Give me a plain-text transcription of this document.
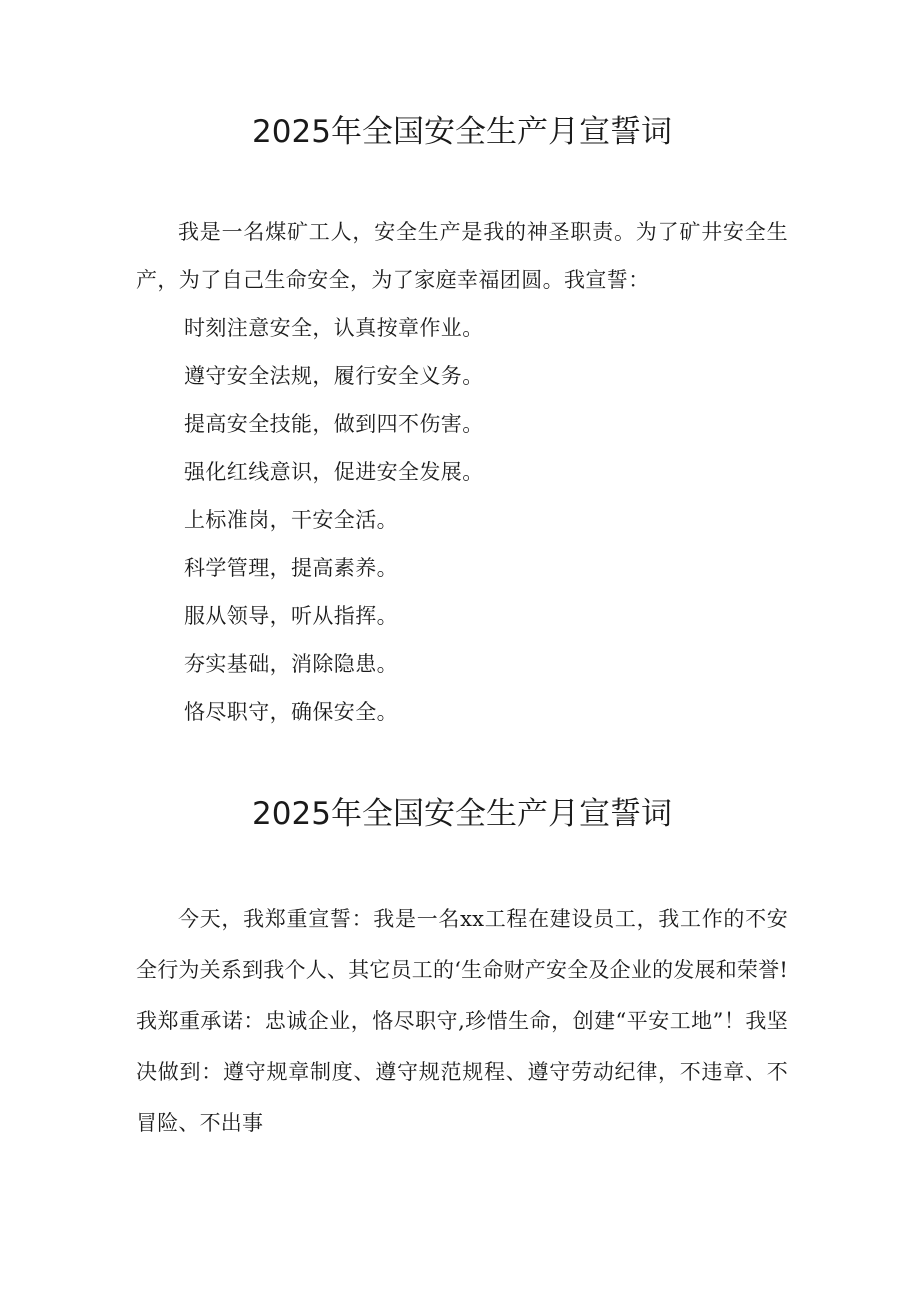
2025年全国安全生产月宣誓词

我是一名煤矿工人，安全生产是我的神圣职责。为了矿井安全生产，为了自己生命安全，为了家庭幸福团圆。我宣誓：

时刻注意安全，认真按章作业。

遵守安全法规，履行安全义务。

提高安全技能，做到四不伤害。

强化红线意识，促进安全发展。

上标准岗，干安全活。

科学管理，提高素养。

服从领导，听从指挥。

夯实基础，消除隐患。

恪尽职守，确保安全。

2025年全国安全生产月宣誓词

今天，我郑重宣誓：我是一名xx工程在建设员工，我工作的不安全行为关系到我个人、其它员工的‘生命财产安全及企业的发展和荣誉!我郑重承诺：忠诚企业，恪尽职守,珍惜生命，创建“平安工地”！我坚决做到：遵守规章制度、遵守规范规程、遵守劳动纪律，不违章、不冒险、不出事
